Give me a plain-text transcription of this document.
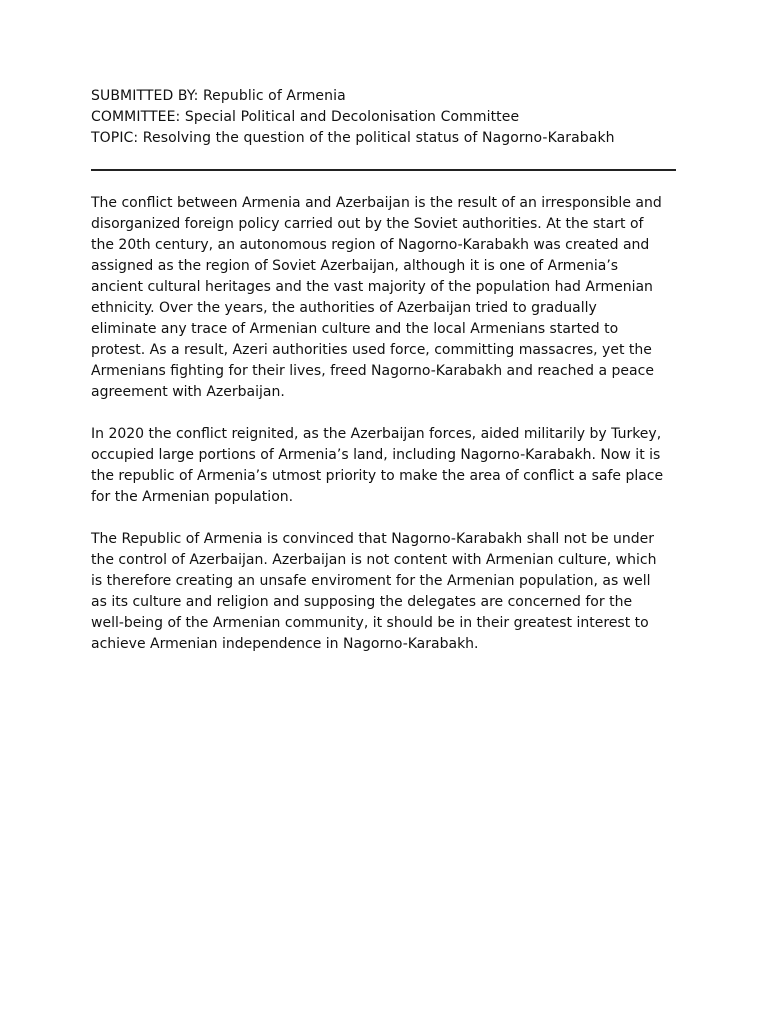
SUBMITTED BY: Republic of Armenia
COMMITTEE: Special Political and Decolonisation Committee
TOPIC: Resolving the question of the political status of Nagorno-Karabakh

The conflict between Armenia and Azerbaijan is the result of an irresponsible and disorganized foreign policy carried out by the Soviet authorities. At the start of the 20th century, an autonomous region of Nagorno-Karabakh was created and assigned as the region of Soviet Azerbaijan, although it is one of Armenia’s ancient cultural heritages and the vast majority of the population had Armenian ethnicity. Over the years, the authorities of Azerbaijan tried to gradually eliminate any trace of Armenian culture and the local Armenians started to protest. As a result, Azeri authorities used force, committing massacres, yet the Armenians fighting for their lives, freed Nagorno-Karabakh and reached a peace agreement with Azerbaijan.

In 2020 the conflict reignited, as the Azerbaijan forces, aided militarily by Turkey, occupied large portions of Armenia’s land, including Nagorno-Karabakh. Now it is the republic of Armenia’s utmost priority to make the area of conflict a safe place for the Armenian population.

The Republic of Armenia is convinced that Nagorno-Karabakh shall not be under the control of Azerbaijan. Azerbaijan is not content with Armenian culture, which is therefore creating an unsafe enviroment for the Armenian population, as well as its culture and religion and supposing the delegates are concerned for the well-being of the Armenian community, it should be in their greatest interest to achieve Armenian independence in Nagorno-Karabakh.
